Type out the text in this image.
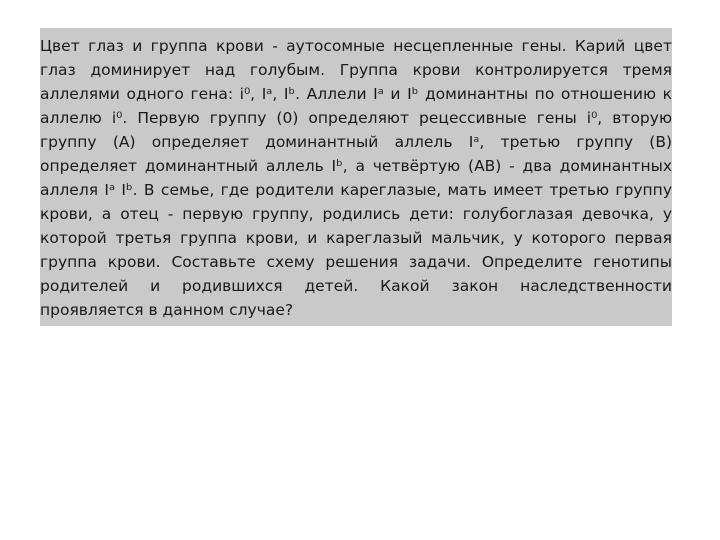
Цвет глаз и группа крови - аутосомные несцепленные гены. Карий цвет
глаз доминирует над голубым. Группа крови контролируется тремя
аллелями одного гена: i⁰, Iᵃ, Iᵇ. Аллели Iᵃ и Iᵇ доминантны по отношению к
аллелю i⁰. Первую группу (0) определяют рецессивные гены i⁰, вторую
группу (А) определяет доминантный аллель Iᵃ, третью группу (В)
определяет доминантный аллель Iᵇ, а четвёртую (АВ) - два доминантных
аллеля Iᵃ Iᵇ. В семье, где родители кареглазые, мать имеет третью группу
крови, а отец - первую группу, родились дети: голубоглазая девочка, у
которой третья группа крови, и кареглазый мальчик, у которого первая
группа крови. Составьте схему решения задачи. Определите генотипы
родителей и родившихся детей. Какой закон наследственности
проявляется в данном случае?
